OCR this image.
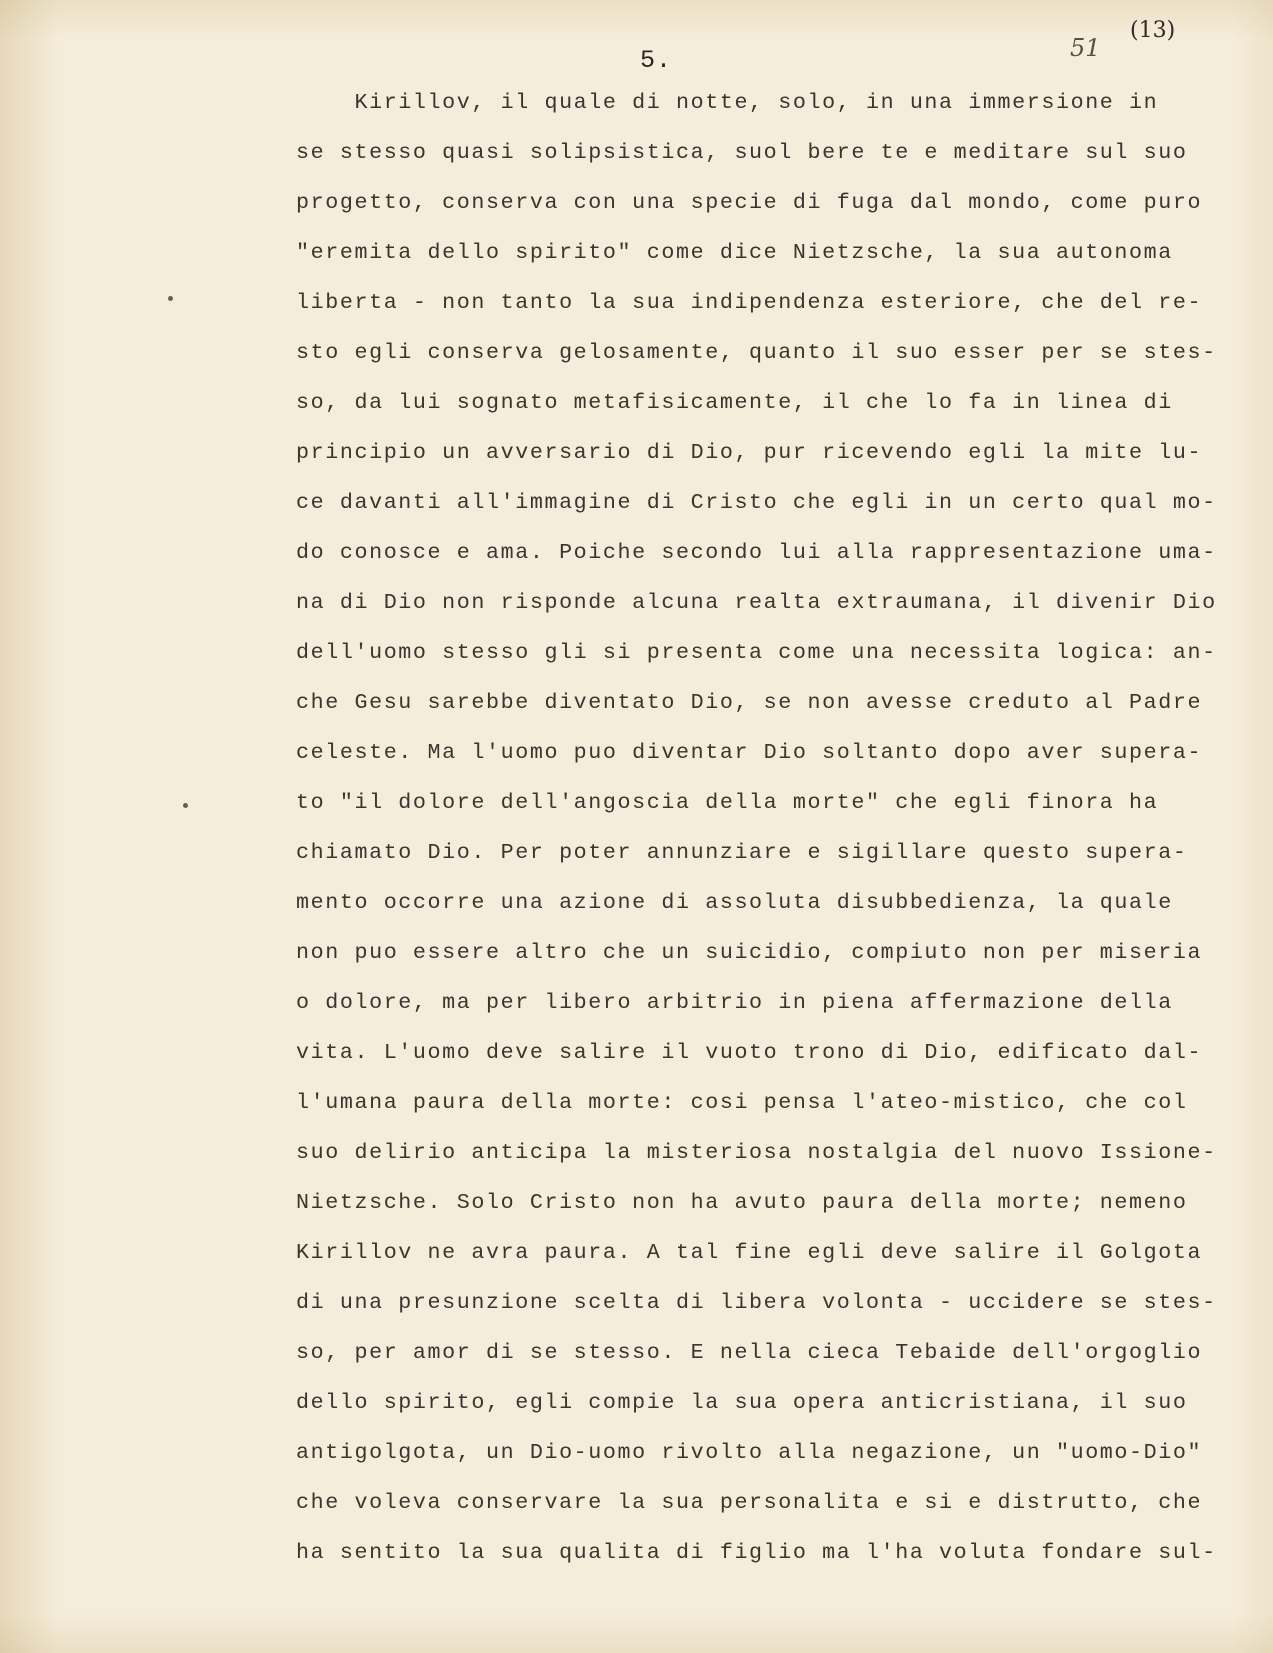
5.	51
(13)
Kirillov, il quale di notte, solo, in una immersione in
se stesso quasi solipsistica, suol bere te e meditare sul suo
progetto, conserva con una specie di fuga dal mondo, come puro
"eremita dello spirito" come dice Nietzsche, la sua autonoma
liberta - non tanto la sua indipendenza esteriore, che del re-
sto egli conserva gelosamente, quanto il suo esser per se stes-
so, da lui sognato metafisicamente, il che lo fa in linea di
principio un avversario di Dio, pur ricevendo egli la mite lu-
ce davanti all'immagine di Cristo che egli in un certo qual mo-
do conosce e ama. Poiche secondo lui alla rappresentazione uma-
na di Dio non risponde alcuna realta extraumana, il divenir Dio
dell'uomo stesso gli si presenta come una necessita logica: an-
che Gesu sarebbe diventato Dio, se non avesse creduto al Padre
celeste. Ma l'uomo puo diventar Dio soltanto dopo aver supera-
to "il dolore dell'angoscia della morte" che egli finora ha
chiamato Dio. Per poter annunziare e sigillare questo supera-
mento occorre una azione di assoluta disubbedienza, la quale
non puo essere altro che un suicidio, compiuto non per miseria
o dolore, ma per libero arbitrio in piena affermazione della
vita. L'uomo deve salire il vuoto trono di Dio, edificato dal-
l'umana paura della morte: cosi pensa l'ateo-mistico, che col
suo delirio anticipa la misteriosa nostalgia del nuovo Issione-
Nietzsche. Solo Cristo non ha avuto paura della morte; nemeno
Kirillov ne avra paura. A tal fine egli deve salire il Golgota
di una presunzione scelta di libera volonta - uccidere se stes-
so, per amor di se stesso. E nella cieca Tebaide dell'orgoglio
dello spirito, egli compie la sua opera anticristiana, il suo
antigolgota, un Dio-uomo rivolto alla negazione, un "uomo-Dio"
che voleva conservare la sua personalita e si e distrutto, che
ha sentito la sua qualita di figlio ma l'ha voluta fondare sul-
